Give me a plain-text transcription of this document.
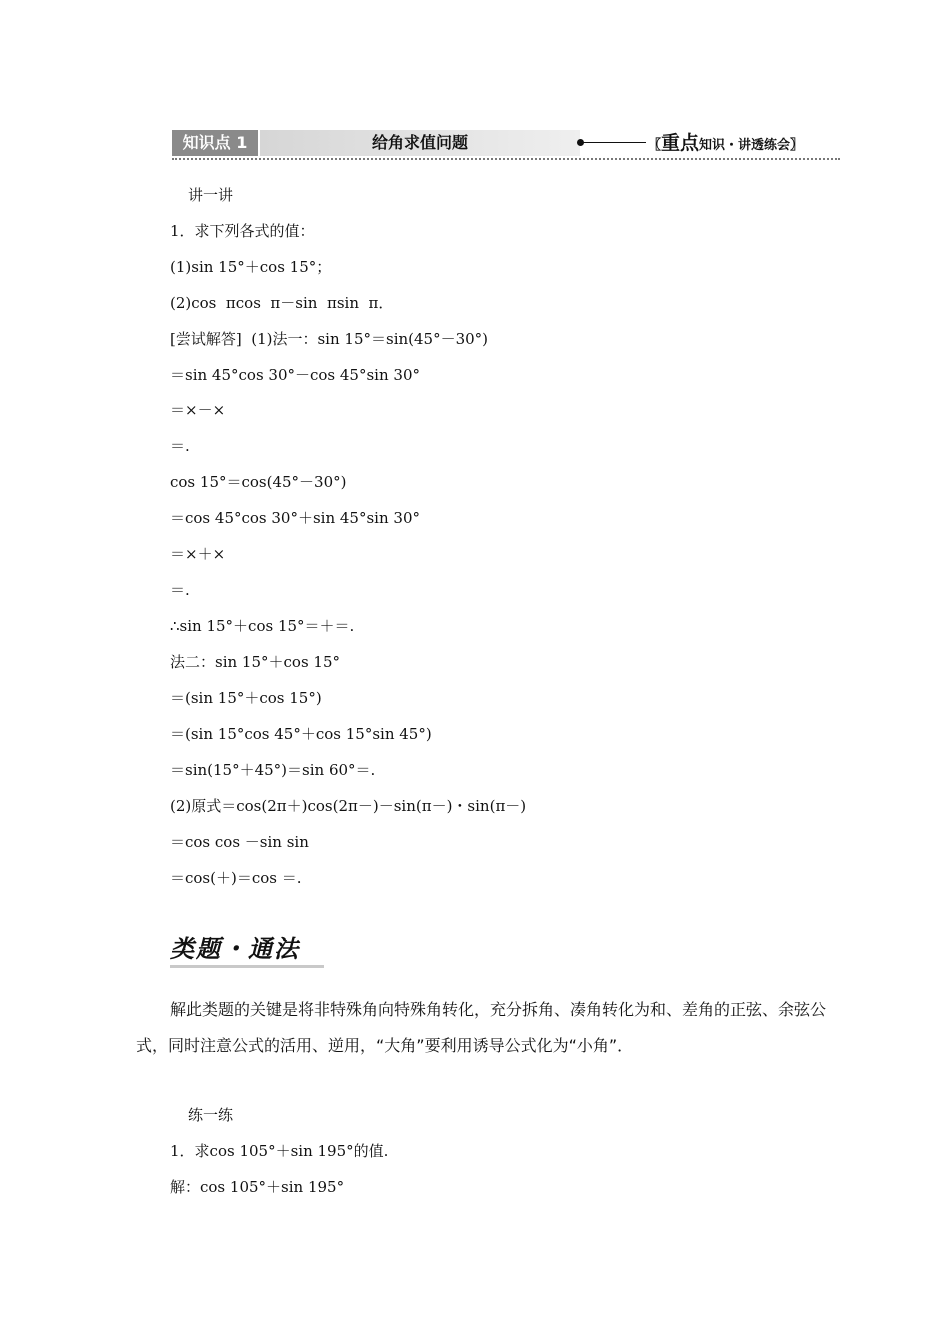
知识点 1	给角求值问题	〖重点知识・讲透练会〗
讲一讲
1．求下列各式的值：
(1)sin 15°＋cos 15°；
(2)cos  πcos  π－sin  πsin  π．
[尝试解答]  (1)法一：sin 15°＝sin(45°－30°)
＝sin 45°cos 30°－cos 45°sin 30°
＝×－×
＝.
cos 15°＝cos(45°－30°)
＝cos 45°cos 30°＋sin 45°sin 30°
＝×＋×
＝.
∴sin 15°＋cos 15°＝＋＝.
法二：sin 15°＋cos 15°
＝(sin 15°＋cos 15°)
＝(sin 15°cos 45°＋cos 15°sin 45°)
＝sin(15°＋45°)＝sin 60°＝.
(2)原式＝cos(2π＋)cos(2π－)－sin(π－)・sin(π－)
＝cos cos －sin sin
＝cos(＋)＝cos ＝.
类题・通法
解此类题的关键是将非特殊角向特殊角转化，充分拆角、凑角转化为和、差角的正弦、余弦公式，同时注意公式的活用、逆用，“大角”要利用诱导公式化为“小角”．
练一练
1．求cos 105°＋sin 195°的值.
解：cos 105°＋sin 195°
